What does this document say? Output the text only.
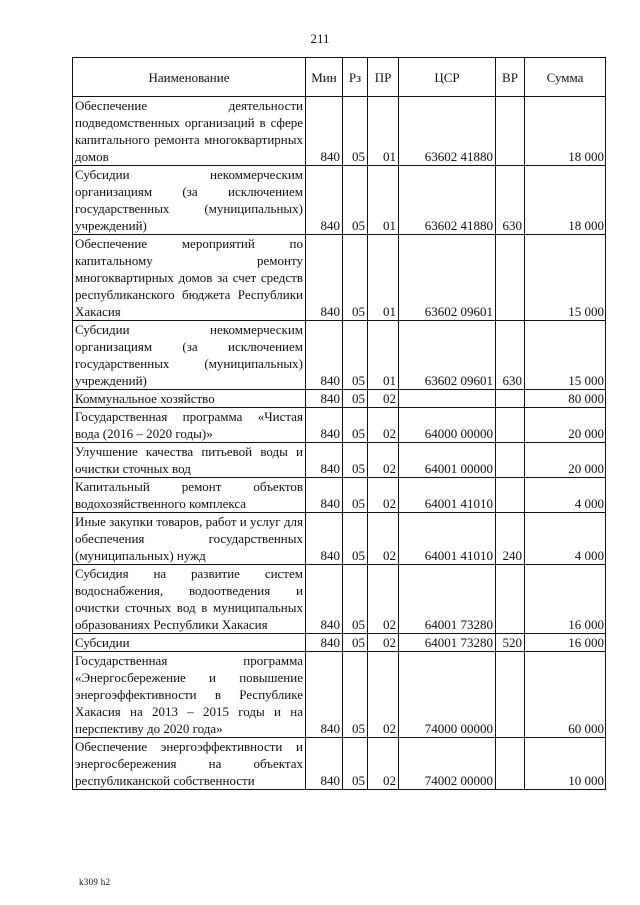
211
Наименование	Мин	Рз	ПР	ЦСР	ВР	Сумма
Обеспечение деятельности подведомственных организаций в сфере капитального ремонта многоквартирных домов	840	05	01	63602 41880		18 000
Субсидии некоммерческим организациям (за исключением государственных (муниципальных) учреждений)	840	05	01	63602 41880	630	18 000
Обеспечение мероприятий по капитальному ремонту многоквартирных домов за счет средств республиканского бюджета Республики Хакасия	840	05	01	63602 09601		15 000
Субсидии некоммерческим организациям (за исключением государственных (муниципальных) учреждений)	840	05	01	63602 09601	630	15 000
Коммунальное хозяйство	840	05	02			80 000
Государственная программа «Чистая вода (2016 – 2020 годы)»	840	05	02	64000 00000		20 000
Улучшение качества питьевой воды и очистки сточных вод	840	05	02	64001 00000		20 000
Капитальный ремонт объектов водохозяйственного комплекса	840	05	02	64001 41010		4 000
Иные закупки товаров, работ и услуг для обеспечения государственных (муниципальных) нужд	840	05	02	64001 41010	240	4 000
Субсидия на развитие систем водоснабжения, водоотведения и очистки сточных вод в муниципальных образованиях Республики Хакасия	840	05	02	64001 73280		16 000
Субсидии	840	05	02	64001 73280	520	16 000
Государственная программа «Энергосбережение и повышение энергоэффективности в Республике Хакасия на 2013 – 2015 годы и на перспективу до 2020 года»	840	05	02	74000 00000		60 000
Обеспечение энергоэффективности и энергосбережения на объектах республиканской собственности	840	05	02	74002 00000		10 000
k309 h2
